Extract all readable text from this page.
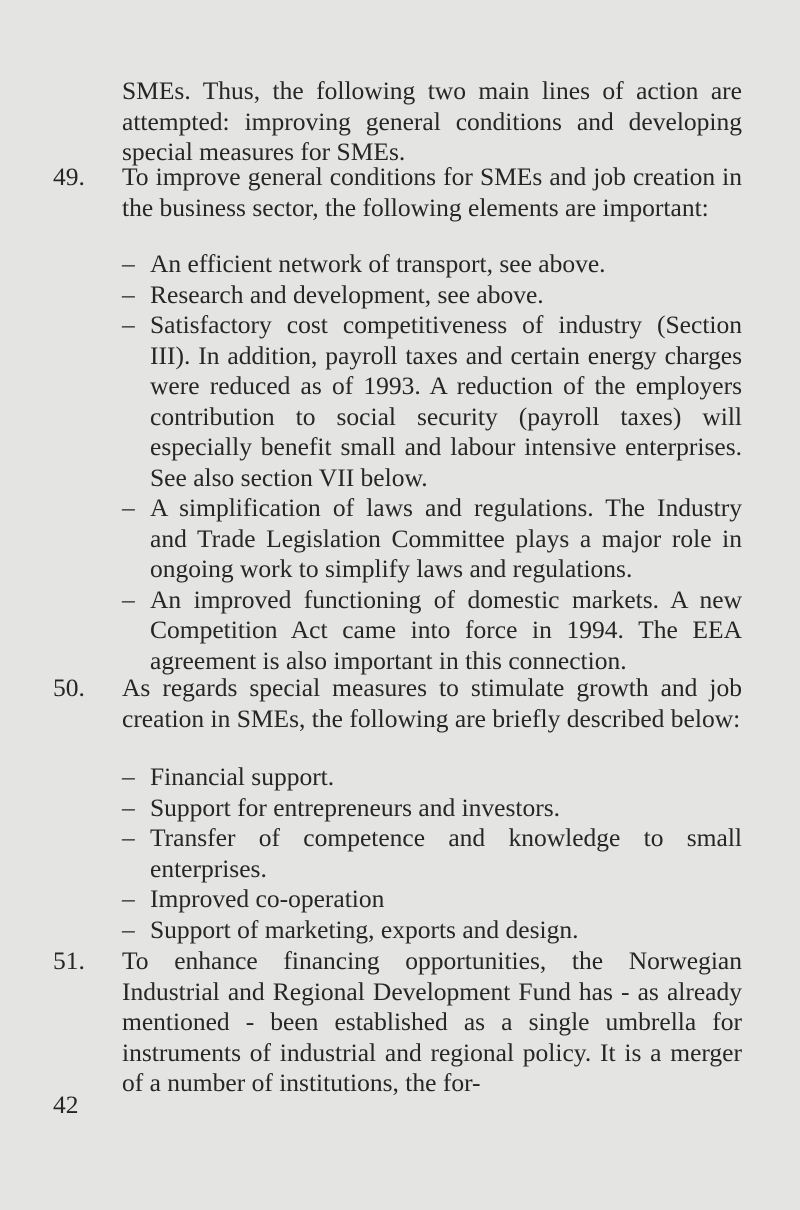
SMEs. Thus, the following two main lines of action are attempted: improving general conditions and developing special measures for SMEs.
49.	To improve general conditions for SMEs and job creation in the business sector, the following elements are important:
– An efficient network of transport, see above.
– Research and development, see above.
– Satisfactory cost competitiveness of industry (Section III). In addition, payroll taxes and certain energy charges were reduced as of 1993. A reduction of the employers contribution to social security (payroll taxes) will especially benefit small and labour intensive enterprises. See also section VII below.
– A simplification of laws and regulations. The Industry and Trade Legislation Committee plays a major role in ongoing work to simplify laws and regulations.
– An improved functioning of domestic markets. A new Competition Act came into force in 1994. The EEA agreement is also important in this connection.
50.	As regards special measures to stimulate growth and job creation in SMEs, the following are briefly described below:
– Financial support.
– Support for entrepreneurs and investors.
– Transfer of competence and knowledge to small enterprises.
– Improved co-operation
– Support of marketing, exports and design.
51.	To enhance financing opportunities, the Norwegian Industrial and Regional Development Fund has - as already mentioned - been established as a single umbrella for instruments of industrial and regional policy. It is a merger of a number of institutions, the for-
42
